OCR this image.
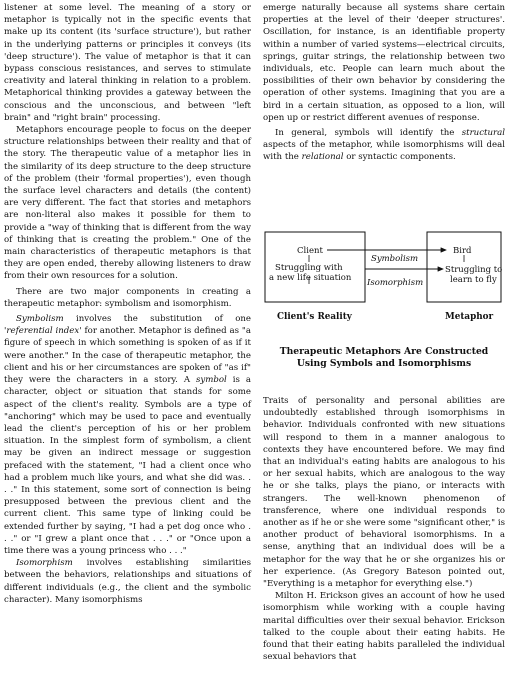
listener at some level. The meaning of a story or metaphor is typically not in the specific events that make up its content (its 'surface structure'), but rather in the underlying patterns or principles it conveys (its 'deep structure'). The value of metaphor is that it can bypass conscious resistances, and serves to stimulate creativity and lateral thinking in relation to a problem. Metaphorical thinking provides a gateway between the conscious and the unconscious, and between "left brain" and "right brain" processing.

Metaphors encourage people to focus on the deeper structure relationships between their reality and that of the story. The therapeutic value of a metaphor lies in the similarity of its deep structure to the deep structure of the problem (their 'formal properties'), even though the surface level characters and details (the content) are very different. The fact that stories and metaphors are non-literal also makes it possible for them to provide a "way of thinking that is different from the way of thinking that is creating the problem." One of the main characteristics of therapeutic metaphors is that they are open ended, thereby allowing listeners to draw from their own resources for a solution.

There are two major components in creating a therapeutic metaphor: symbolism and isomorphism.

Symbolism involves the substitution of one 'referential index' for another. Metaphor is defined as "a figure of speech in which something is spoken of as if it were another." In the case of therapeutic metaphor, the client and his or her circumstances are spoken of "as if" they were the characters in a story. A symbol is a character, object or situation that stands for some aspect of the client's reality. Symbols are a type of "anchoring" which may be used to pace and eventually lead the client's perception of his or her problem situation. In the simplest form of symbolism, a client may be given an indirect message or suggestion prefaced with the statement, "I had a client once who had a problem much like yours, and what she did was. . . ." In this statement, some sort of connection is being presupposed between the previous client and the current client. This same type of linking could be extended further by saying, "I had a pet dog once who . . ." or "I grew a plant once that . . ." or "Once upon a time there was a young princess who . . ."

Isomorphism involves establishing similarities between the behaviors, relationships and situations of different individuals (e.g., the client and the symbolic character). Many isomorphisms

emerge naturally because all systems share certain properties at the level of their 'deeper structures'. Oscillation, for instance, is an identifiable property within a number of varied systems—electrical circuits, springs, guitar strings, the relationship between two individuals, etc. People can learn much about the possibilities of their own behavior by considering the operation of other systems. Imagining that you are a bird in a certain situation, as opposed to a lion, will open up or restrict different avenues of response.

In general, symbols will identify the structural aspects of the metaphor, while isomorphisms will deal with the relational or syntactic components.

Client	Bird
Symbolism
Struggling with
a new life situation
Struggling to
learn to fly
Isomorphism
Client's Reality	Metaphor
Therapeutic Metaphors Are Constructed
Using Symbols and Isomorphisms

Traits of personality and personal abilities are undoubtedly established through isomorphisms in behavior. Individuals confronted with new situations will respond to them in a manner analogous to contexts they have encountered before. We may find that an individual's eating habits are analogous to his or her sexual habits, which are analogous to the way he or she talks, plays the piano, or interacts with strangers. The well-known phenomenon of transference, where one individual responds to another as if he or she were some "significant other," is another product of behavioral isomorphisms. In a sense, anything that an individual does will be a metaphor for the way that he or she organizes his or her experience. (As Gregory Bateson pointed out, "Everything is a metaphor for everything else.")

Milton H. Erickson gives an account of how he used isomorphism while working with a couple having marital difficulties over their sexual behavior. Erickson talked to the couple about their eating habits. He found that their eating habits paralleled the individual sexual behaviors that
